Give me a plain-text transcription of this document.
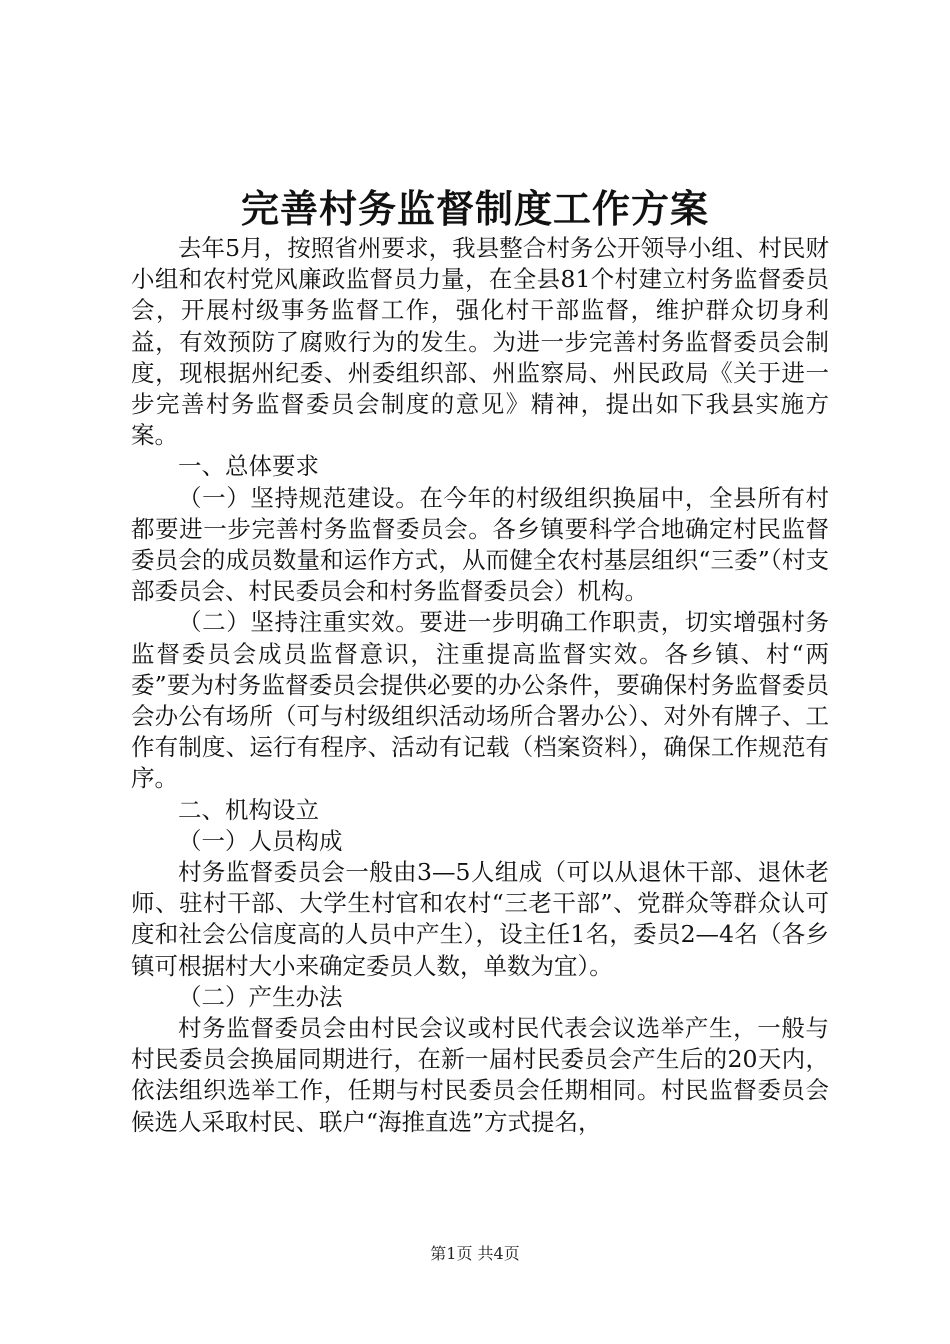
完善村务监督制度工作方案

去年5月，按照省州要求，我县整合村务公开领导小组、村民财小组和农村党风廉政监督员力量，在全县81个村建立村务监督委员会，开展村级事务监督工作，强化村干部监督，维护群众切身利益，有效预防了腐败行为的发生。为进一步完善村务监督委员会制度，现根据州纪委、州委组织部、州监察局、州民政局《关于进一步完善村务监督委员会制度的意见》精神，提出如下我县实施方案。

一、总体要求

（一）坚持规范建设。在今年的村级组织换届中，全县所有村都要进一步完善村务监督委员会。各乡镇要科学合地确定村民监督委员会的成员数量和运作方式，从而健全农村基层组织“三委”（村支部委员会、村民委员会和村务监督委员会）机构。

（二）坚持注重实效。要进一步明确工作职责，切实增强村务监督委员会成员监督意识，注重提高监督实效。各乡镇、村“两委”要为村务监督委员会提供必要的办公条件，要确保村务监督委员会办公有场所（可与村级组织活动场所合署办公）、对外有牌子、工作有制度、运行有程序、活动有记载（档案资料），确保工作规范有序。

二、机构设立

（一）人员构成

村务监督委员会一般由3—5人组成（可以从退休干部、退休老师、驻村干部、大学生村官和农村“三老干部”、党群众等群众认可度和社会公信度高的人员中产生），设主任1名，委员2—4名（各乡镇可根据村大小来确定委员人数，单数为宜）。

（二）产生办法

村务监督委员会由村民会议或村民代表会议选举产生，一般与村民委员会换届同期进行，在新一届村民委员会产生后的20天内，依法组织选举工作，任期与村民委员会任期相同。村民监督委员会候选人采取村民、联户“海推直选”方式提名，

第1页 共4页
